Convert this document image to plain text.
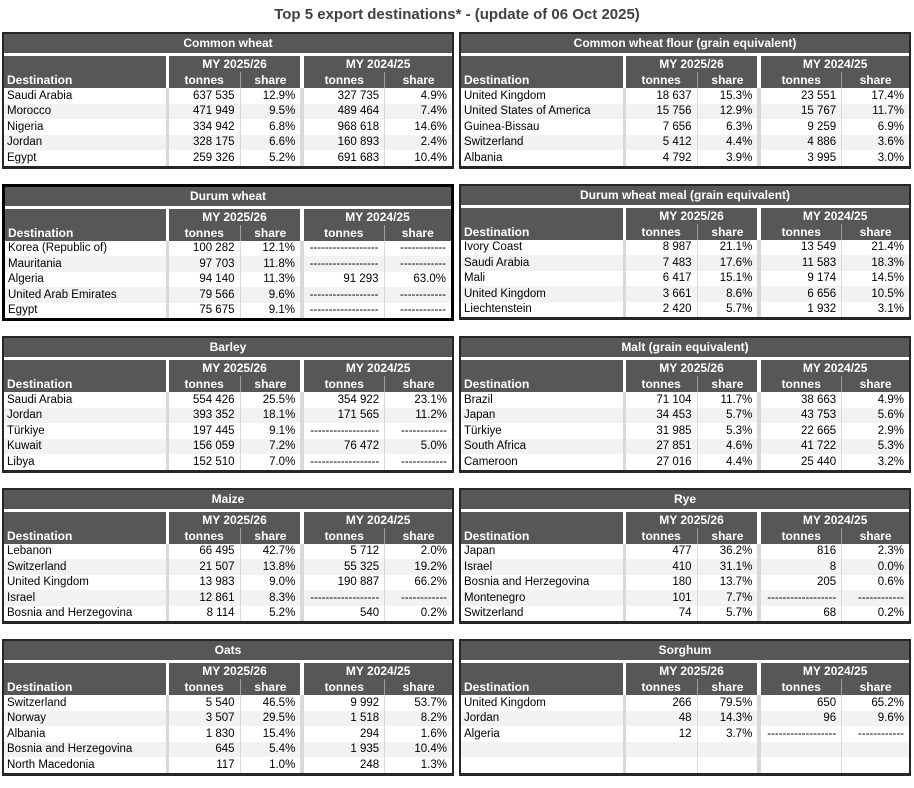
Top 5 export destinations* - (update of 06 Oct 2025)
Common wheat
		MY 2025/26			MY 2024/25	
Destination		tonnes	share		tonnes	share
Saudi Arabia		637 535	12.9%		327 735	4.9%
Morocco		471 949	9.5%		489 464	7.4%
Nigeria		334 942	6.8%		968 618	14.6%
Jordan		328 175	6.6%		160 893	2.4%
Egypt		259 326	5.2%		691 683	10.4%
Common wheat flour (grain equivalent)
		MY 2025/26			MY 2024/25	
Destination		tonnes	share		tonnes	share
United Kingdom		18 637	15.3%		23 551	17.4%
United States of America		15 756	12.9%		15 767	11.7%
Guinea-Bissau		7 656	6.3%		9 259	6.9%
Switzerland		5 412	4.4%		4 886	3.6%
Albania		4 792	3.9%		3 995	3.0%
Durum wheat
		MY 2025/26			MY 2024/25	
Destination		tonnes	share		tonnes	share
Korea (Republic of)		100 282	12.1%		------------------	------------
Mauritania		97 703	11.8%		------------------	------------
Algeria		94 140	11.3%		91 293	63.0%
United Arab Emirates		79 566	9.6%		------------------	------------
Egypt		75 675	9.1%		------------------	------------
Durum wheat meal (grain equivalent)
		MY 2025/26			MY 2024/25	
Destination		tonnes	share		tonnes	share
Ivory Coast		8 987	21.1%		13 549	21.4%
Saudi Arabia		7 483	17.6%		11 583	18.3%
Mali		6 417	15.1%		9 174	14.5%
United Kingdom		3 661	8.6%		6 656	10.5%
Liechtenstein		2 420	5.7%		1 932	3.1%
Barley
		MY 2025/26			MY 2024/25	
Destination		tonnes	share		tonnes	share
Saudi Arabia		554 426	25.5%		354 922	23.1%
Jordan		393 352	18.1%		171 565	11.2%
Türkiye		197 445	9.1%		------------------	------------
Kuwait		156 059	7.2%		76 472	5.0%
Libya		152 510	7.0%		------------------	------------
Malt (grain equivalent)
		MY 2025/26			MY 2024/25	
Destination		tonnes	share		tonnes	share
Brazil		71 104	11.7%		38 663	4.9%
Japan		34 453	5.7%		43 753	5.6%
Türkiye		31 985	5.3%		22 665	2.9%
South Africa		27 851	4.6%		41 722	5.3%
Cameroon		27 016	4.4%		25 440	3.2%
Maize
		MY 2025/26			MY 2024/25	
Destination		tonnes	share		tonnes	share
Lebanon		66 495	42.7%		5 712	2.0%
Switzerland		21 507	13.8%		55 325	19.2%
United Kingdom		13 983	9.0%		190 887	66.2%
Israel		12 861	8.3%		------------------	------------
Bosnia and Herzegovina		8 114	5.2%		540	0.2%
Rye
		MY 2025/26			MY 2024/25	
Destination		tonnes	share		tonnes	share
Japan		477	36.2%		816	2.3%
Israel		410	31.1%		8	0.0%
Bosnia and Herzegovina		180	13.7%		205	0.6%
Montenegro		101	7.7%		------------------	------------
Switzerland		74	5.7%		68	0.2%
Oats
		MY 2025/26			MY 2024/25	
Destination		tonnes	share		tonnes	share
Switzerland		5 540	46.5%		9 992	53.7%
Norway		3 507	29.5%		1 518	8.2%
Albania		1 830	15.4%		294	1.6%
Bosnia and Herzegovina		645	5.4%		1 935	10.4%
North Macedonia		117	1.0%		248	1.3%
Sorghum
		MY 2025/26			MY 2024/25	
Destination		tonnes	share		tonnes	share
United Kingdom		266	79.5%		650	65.2%
Jordan		48	14.3%		96	9.6%
Algeria		12	3.7%		------------------	------------
